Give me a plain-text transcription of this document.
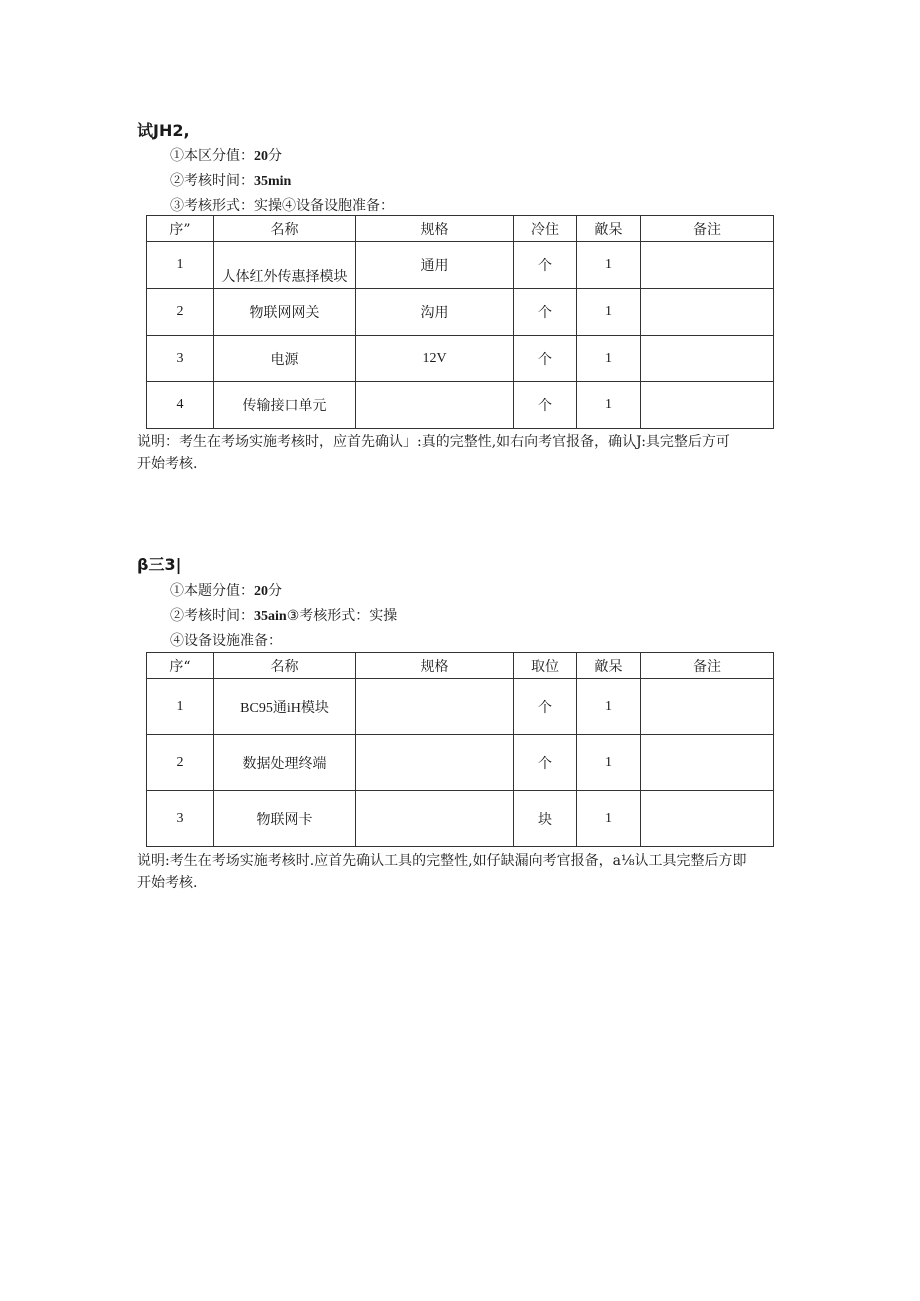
试JH2,
①本区分值：20分
②考核时间：35min
③考核形式：实操④设备设胞准备：
序”	名称	规格	冷住	敵呆	备注
1	人体红外传惠择模块	通用	个	1	
2	物联网网关	沟用	个	1	
3	电源	12V	个	1	
4	传输接口单元		个	1	
说明：考生在考场实施考核时，应首先确认」:真的完整性,如右向考官报备，确认J:具完整后方可
开始考核.
β三3|
①本题分值：20分
②考核时间：35ain③考核形式：实操
④设备设施准备：
序“	名称	规格	取位	敵呆	备注
1	BC95通iH模块		个	1	
2	数据处理终端		个	1	
3	物联网卡		块	1	
说明:考生在考场实施考核时.应首先确认工具的完整性,如仔缺漏向考官报备，a⅛认工具完整后方即
开始考核.
